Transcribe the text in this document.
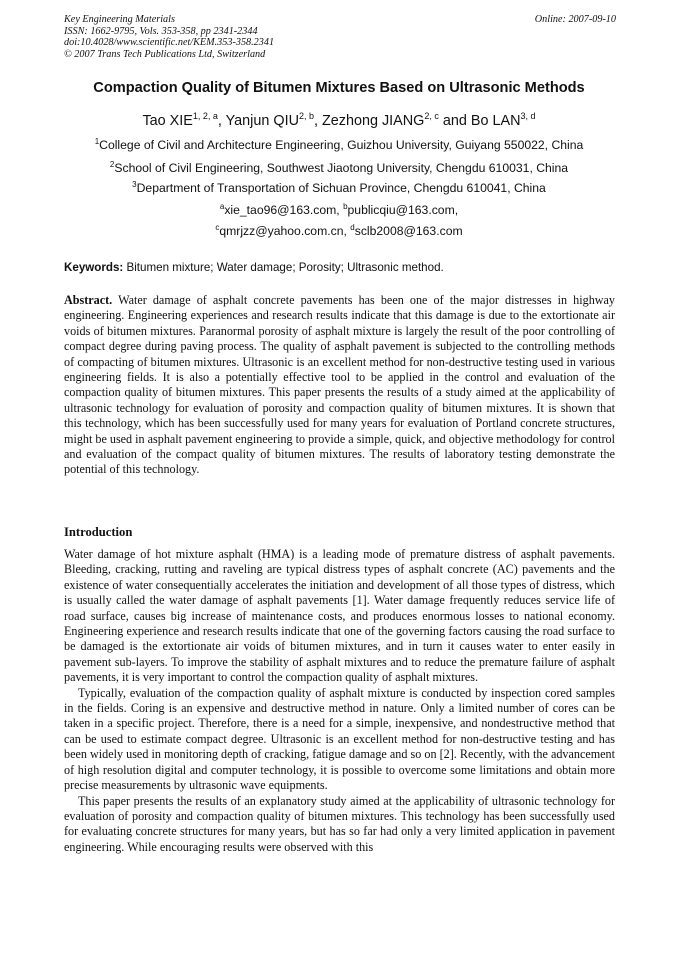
Key Engineering Materials
ISSN: 1662-9795, Vols. 353-358, pp 2341-2344
doi:10.4028/www.scientific.net/KEM.353-358.2341
© 2007 Trans Tech Publications Ltd, Switzerland
Online: 2007-09-10
Compaction Quality of Bitumen Mixtures Based on Ultrasonic Methods
Tao XIE$^{1, 2, a}$, Yanjun QIU$^{2, b}$, Zezhong JIANG$^{2, c}$ and Bo LAN$^{3, d}$
$^1$College of Civil and Architecture Engineering, Guizhou University, Guiyang 550022, China
$^2$School of Civil Engineering, Southwest Jiaotong University, Chengdu 610031, China
$^3$Department of Transportation of Sichuan Province, Chengdu 610041, China
$^a$xie_tao96@163.com, $^b$publicqiu@163.com,
$^c$qmrjzz@yahoo.com.cn, $^d$sclb2008@163.com
Keywords: Bitumen mixture; Water damage; Porosity; Ultrasonic method.
Abstract. Water damage of asphalt concrete pavements has been one of the major distresses in highway engineering. Engineering experiences and research results indicate that this damage is due to the extortionate air voids of bitumen mixtures. Paranormal porosity of asphalt mixture is largely the result of the poor controlling of compact degree during paving process. The quality of asphalt pavement is subjected to the controlling methods of compacting of bitumen mixtures. Ultrasonic is an excellent method for non-destructive testing used in various engineering fields. It is also a potentially effective tool to be applied in the control and evaluation of the compaction quality of bitumen mixtures. This paper presents the results of a study aimed at the applicability of ultrasonic technology for evaluation of porosity and compaction quality of bitumen mixtures. It is shown that this technology, which has been successfully used for many years for evaluation of Portland concrete structures, might be used in asphalt pavement engineering to provide a simple, quick, and objective methodology for control and evaluation of the compact quality of bitumen mixtures. The results of laboratory testing demonstrate the potential of this technology.
Introduction

Water damage of hot mixture asphalt (HMA) is a leading mode of premature distress of asphalt pavements. Bleeding, cracking, rutting and raveling are typical distress types of asphalt concrete (AC) pavements and the existence of water consequentially accelerates the initiation and development of all those types of distress, which is usually called the water damage of asphalt pavements [1]. Water damage frequently reduces service life of road surface, causes big increase of maintenance costs, and produces enormous losses to national economy. Engineering experience and research results indicate that one of the governing factors causing the road surface to be damaged is the extortionate air voids of bitumen mixtures, and in turn it causes water to enter easily in pavement sub-layers. To improve the stability of asphalt mixtures and to reduce the premature failure of asphalt pavements, it is very important to control the compaction quality of asphalt mixtures.

Typically, evaluation of the compaction quality of asphalt mixture is conducted by inspection cored samples in the fields. Coring is an expensive and destructive method in nature. Only a limited number of cores can be taken in a specific project. Therefore, there is a need for a simple, inexpensive, and nondestructive method that can be used to estimate compact degree. Ultrasonic is an excellent method for non-destructive testing and has been widely used in monitoring depth of cracking, fatigue damage and so on [2]. Recently, with the advancement of high resolution digital and computer technology, it is possible to overcome some limitations and obtain more precise measurements by ultrasonic wave equipments.

This paper presents the results of an explanatory study aimed at the applicability of ultrasonic technology for evaluation of porosity and compaction quality of bitumen mixtures. This technology has been successfully used for evaluating concrete structures for many years, but has so far had only a very limited application in pavement engineering. While encouraging results were observed with this
